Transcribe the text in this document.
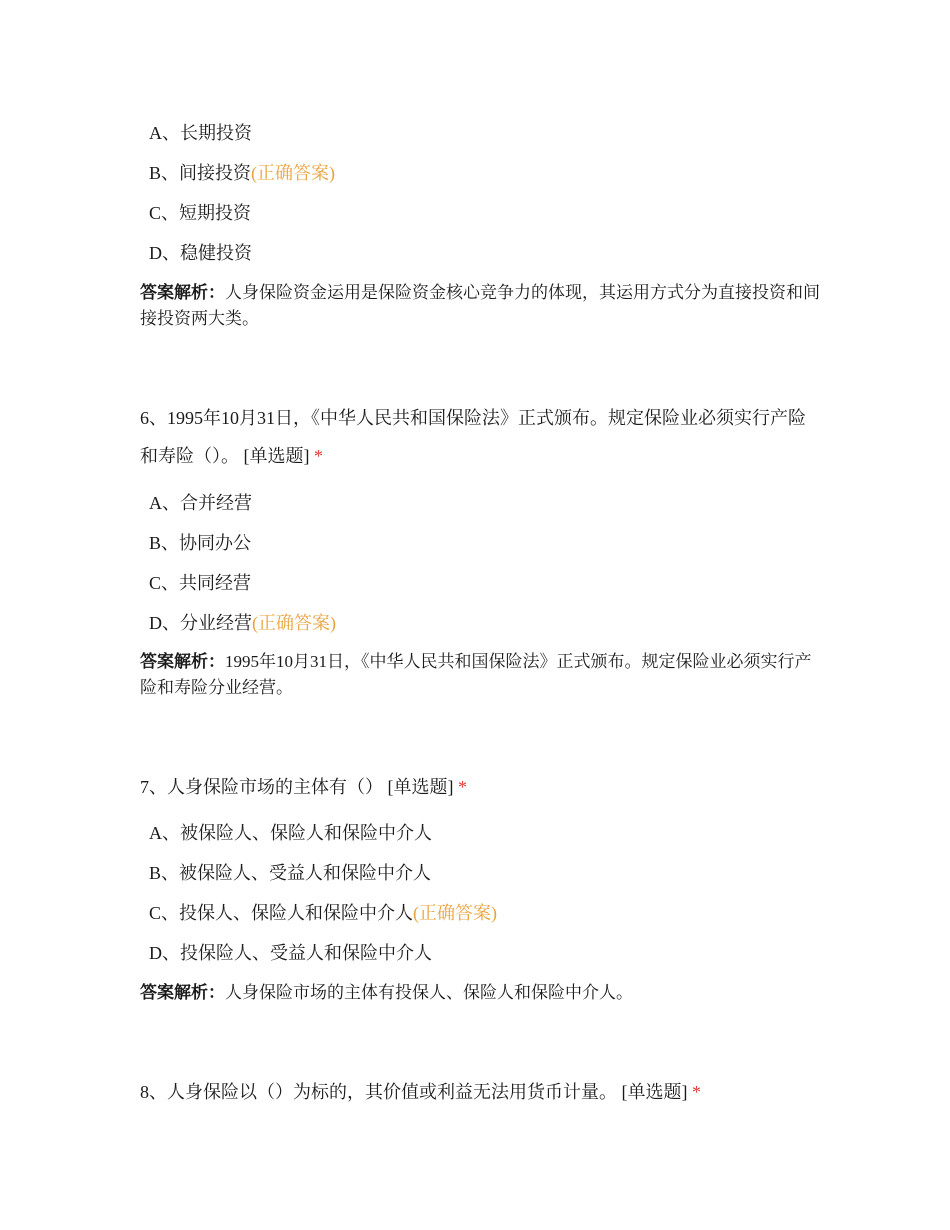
A、长期投资
B、间接投资(正确答案)
C、短期投资
D、稳健投资
答案解析：人身保险资金运用是保险资金核心竞争力的体现，其运用方式分为直接投资和间接投资两大类。
6、1995年10月31日，《中华人民共和国保险法》正式颁布。规定保险业必须实行产险和寿险（）。 [单选题] *
A、合并经营
B、协同办公
C、共同经营
D、分业经营(正确答案)
答案解析：1995年10月31日，《中华人民共和国保险法》正式颁布。规定保险业必须实行产险和寿险分业经营。
7、人身保险市场的主体有（） [单选题] *
A、被保险人、保险人和保险中介人
B、被保险人、受益人和保险中介人
C、投保人、保险人和保险中介人(正确答案)
D、投保险人、受益人和保险中介人
答案解析：人身保险市场的主体有投保人、保险人和保险中介人。
8、人身保险以（）为标的，其价值或利益无法用货币计量。 [单选题] *
